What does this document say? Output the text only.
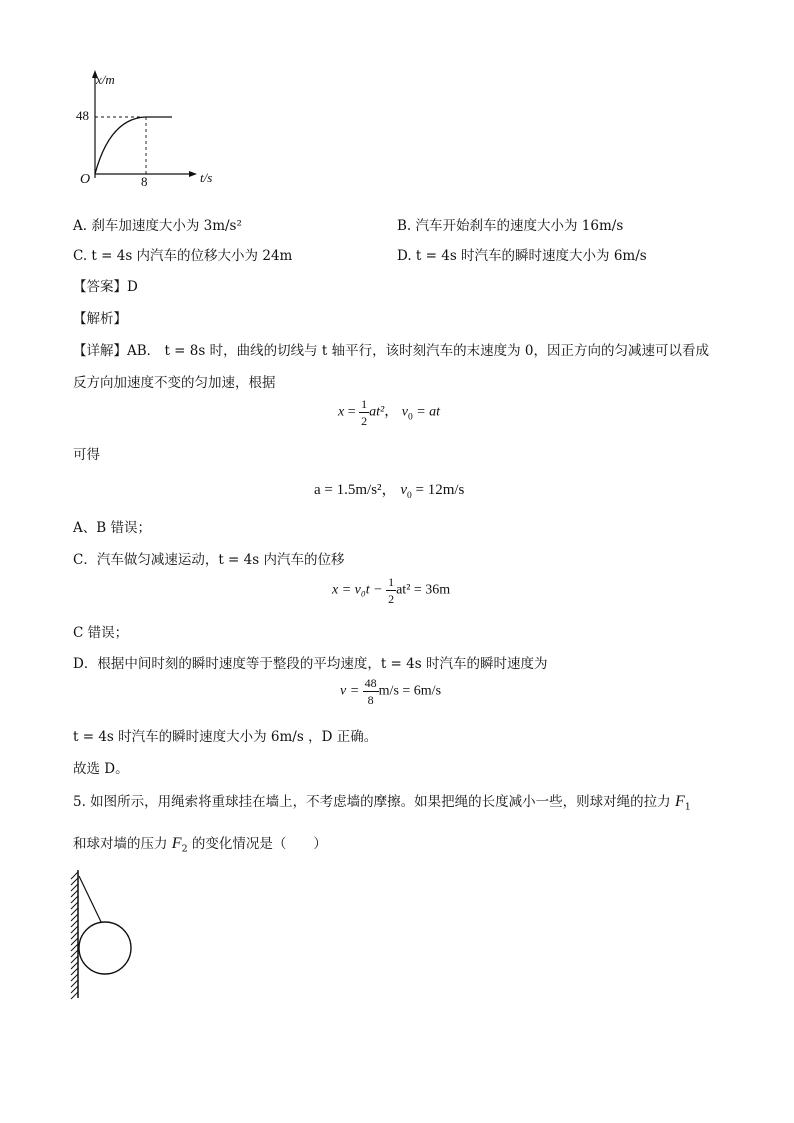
x/m
48
O	8	t/s
A. 刹车加速度大小为 3m/s²	B. 汽车开始刹车的速度大小为 16m/s
C. t = 4s 内汽车的位移大小为 24m	D. t = 4s 时汽车的瞬时速度大小为 6m/s
【答案】D
【解析】
【详解】AB． t = 8s 时，曲线的切线与 t 轴平行，该时刻汽车的末速度为 0，因正方向的匀减速可以看成
反方向加速度不变的匀加速，根据
$x = \frac{1}{2} at^2$， $v_0$ = at
可得
a = 1.5m/s²， $v_0 = 12m/s$
A、B 错误；
C．汽车做匀减速运动，t = 4s 内汽车的位移
$x = v_0t - \frac{1}{2} at^2 = 36m$
C 错误；
D．根据中间时刻的瞬时速度等于整段的平均速度，t = 4s 时汽车的瞬时速度为
$v = \frac{48}{8} m/s = 6m/s$
t = 4s 时汽车的瞬时速度大小为 6m/s ，D 正确。
故选 D。
5. 如图所示，用绳索将重球挂在墙上，不考虑墙的摩擦。如果把绳的长度减小一些，则球对绳的拉力 $F_1$
和球对墙的压力 $F_2$ 的变化情况是（　　）
